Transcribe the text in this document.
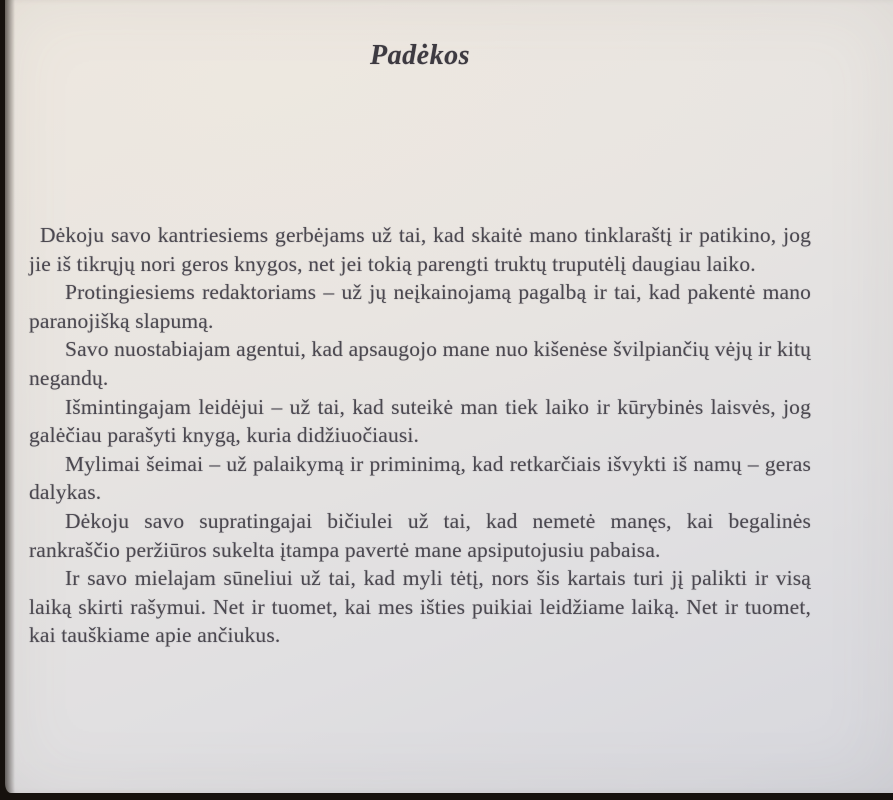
Padėkos

Dėkoju savo kantriesiems gerbėjams už tai, kad skaitė mano tinklaraštį ir patikino, jog jie iš tikrųjų nori geros knygos, net jei tokią parengti truktų truputėlį daugiau laiko.

Protingiesiems redaktoriams – už jų neįkainojamą pagalbą ir tai, kad pakentė mano paranojišką slapumą.

Savo nuostabiajam agentui, kad apsaugojo mane nuo kišenėse švilpiančių vėjų ir kitų negandų.

Išmintingajam leidėjui – už tai, kad suteikė man tiek laiko ir kūrybinės laisvės, jog galėčiau parašyti knygą, kuria didžiuočiausi.

Mylimai šeimai – už palaikymą ir priminimą, kad retkarčiais išvykti iš namų – geras dalykas.

Dėkoju savo supratingajai bičiulei už tai, kad nemetė manęs, kai begalinės rankraščio peržiūros sukelta įtampa pavertė mane apsiputojusiu pabaisa.

Ir savo mielajam sūneliui už tai, kad myli tėtį, nors šis kartais turi jį palikti ir visą laiką skirti rašymui. Net ir tuomet, kai mes išties puikiai leidžiame laiką. Net ir tuomet, kai tauškiame apie ančiukus.
